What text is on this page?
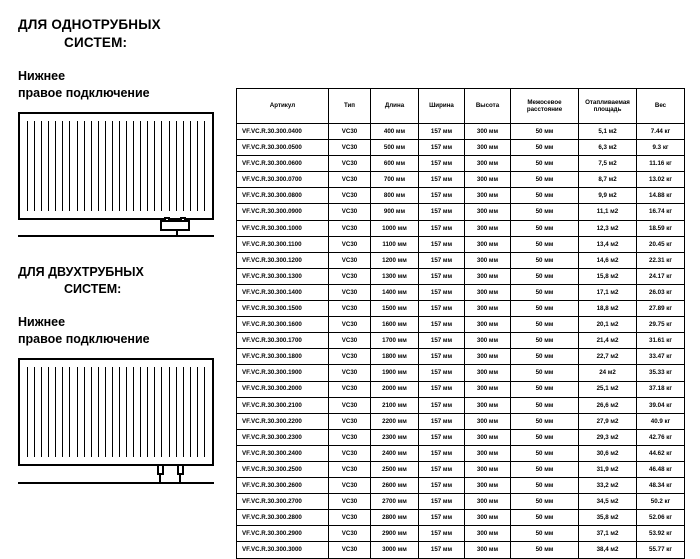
ДЛЯ ОДНОТРУБНЫХ
СИСТЕМ:
Нижнее
правое подключение
ДЛЯ ДВУХТРУБНЫХ
СИСТЕМ:
Нижнее
правое подключение
Артикул	Тип	Длина	Ширина	Высота	Межосевое расстояние	Отапливаемая площадь	Вес
VF.VC.R.30.300.0400	VC30	400 мм	157 мм	300 мм	50 мм	5,1 м2	7.44 кг
VF.VC.R.30.300.0500	VC30	500 мм	157 мм	300 мм	50 мм	6,3 м2	9.3 кг
VF.VC.R.30.300.0600	VC30	600 мм	157 мм	300 мм	50 мм	7,5 м2	11.16 кг
VF.VC.R.30.300.0700	VC30	700 мм	157 мм	300 мм	50 мм	8,7 м2	13.02 кг
VF.VC.R.30.300.0800	VC30	800 мм	157 мм	300 мм	50 мм	9,9 м2	14.88 кг
VF.VC.R.30.300.0900	VC30	900 мм	157 мм	300 мм	50 мм	11,1 м2	16.74 кг
VF.VC.R.30.300.1000	VC30	1000 мм	157 мм	300 мм	50 мм	12,3 м2	18.59 кг
VF.VC.R.30.300.1100	VC30	1100 мм	157 мм	300 мм	50 мм	13,4 м2	20.45 кг
VF.VC.R.30.300.1200	VC30	1200 мм	157 мм	300 мм	50 мм	14,6 м2	22.31 кг
VF.VC.R.30.300.1300	VC30	1300 мм	157 мм	300 мм	50 мм	15,8 м2	24.17 кг
VF.VC.R.30.300.1400	VC30	1400 мм	157 мм	300 мм	50 мм	17,1 м2	26.03 кг
VF.VC.R.30.300.1500	VC30	1500 мм	157 мм	300 мм	50 мм	18,8 м2	27.89 кг
VF.VC.R.30.300.1600	VC30	1600 мм	157 мм	300 мм	50 мм	20,1 м2	29.75 кг
VF.VC.R.30.300.1700	VC30	1700 мм	157 мм	300 мм	50 мм	21,4 м2	31.61 кг
VF.VC.R.30.300.1800	VC30	1800 мм	157 мм	300 мм	50 мм	22,7 м2	33.47 кг
VF.VC.R.30.300.1900	VC30	1900 мм	157 мм	300 мм	50 мм	24 м2	35.33 кг
VF.VC.R.30.300.2000	VC30	2000 мм	157 мм	300 мм	50 мм	25,1 м2	37.18 кг
VF.VC.R.30.300.2100	VC30	2100 мм	157 мм	300 мм	50 мм	26,6 м2	39.04 кг
VF.VC.R.30.300.2200	VC30	2200 мм	157 мм	300 мм	50 мм	27,9 м2	40.9 кг
VF.VC.R.30.300.2300	VC30	2300 мм	157 мм	300 мм	50 мм	29,3 м2	42.76 кг
VF.VC.R.30.300.2400	VC30	2400 мм	157 мм	300 мм	50 мм	30,6 м2	44.62 кг
VF.VC.R.30.300.2500	VC30	2500 мм	157 мм	300 мм	50 мм	31,9 м2	46.48 кг
VF.VC.R.30.300.2600	VC30	2600 мм	157 мм	300 мм	50 мм	33,2 м2	48.34 кг
VF.VC.R.30.300.2700	VC30	2700 мм	157 мм	300 мм	50 мм	34,5 м2	50.2 кг
VF.VC.R.30.300.2800	VC30	2800 мм	157 мм	300 мм	50 мм	35,8 м2	52.06 кг
VF.VC.R.30.300.2900	VC30	2900 мм	157 мм	300 мм	50 мм	37,1 м2	53.92 кг
VF.VC.R.30.300.3000	VC30	3000 мм	157 мм	300 мм	50 мм	38,4 м2	55.77 кг
